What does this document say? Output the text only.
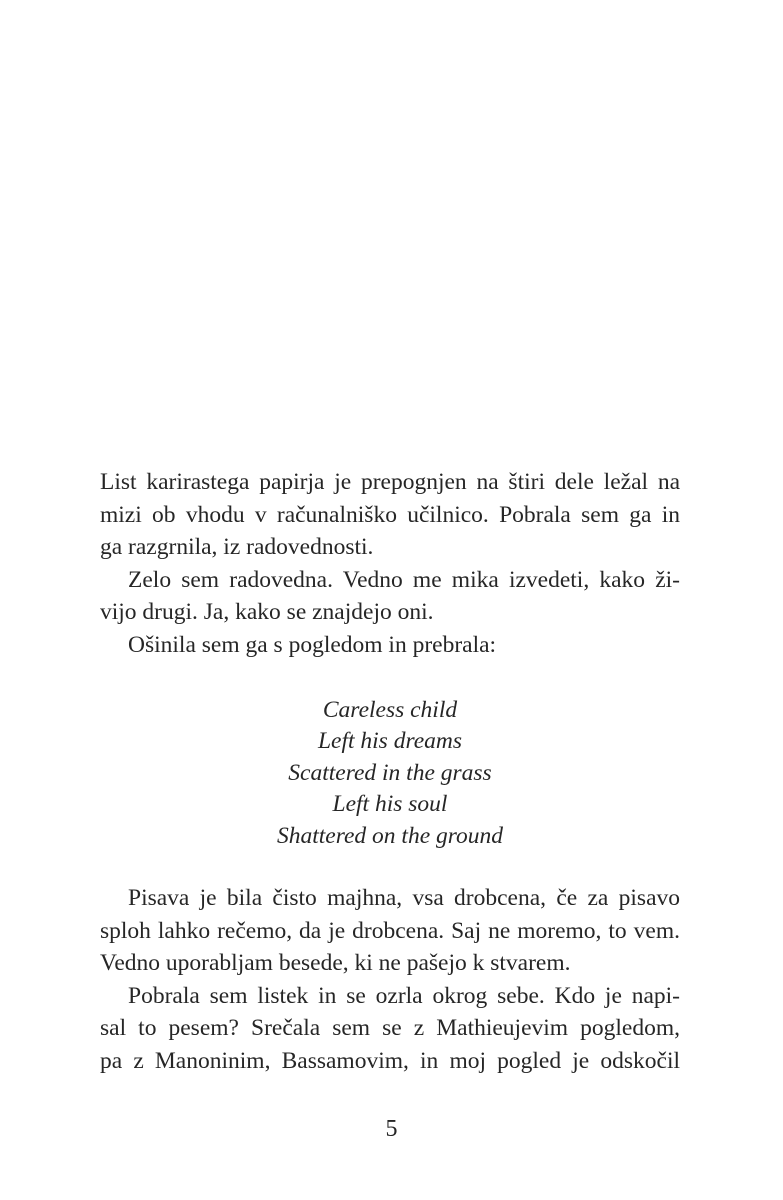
List karirastega papirja je prepognjen na štiri dele ležal na
mizi ob vhodu v računalniško učilnico. Pobrala sem ga in
ga razgrnila, iz radovednosti.
Zelo sem radovedna. Vedno me mika izvedeti, kako ži-
vijo drugi. Ja, kako se znajdejo oni.
Ošinila sem ga s pogledom in prebrala:
Careless child
Left his dreams
Scattered in the grass
Left his soul
Shattered on the ground
Pisava je bila čisto majhna, vsa drobcena, če za pisavo
sploh lahko rečemo, da je drobcena. Saj ne moremo, to vem.
Vedno uporabljam besede, ki ne pašejo k stvarem.
Pobrala sem listek in se ozrla okrog sebe. Kdo je napi-
sal to pesem? Srečala sem se z Mathieujevim pogledom,
pa z Manoninim, Bassamovim, in moj pogled je odskočil
5
